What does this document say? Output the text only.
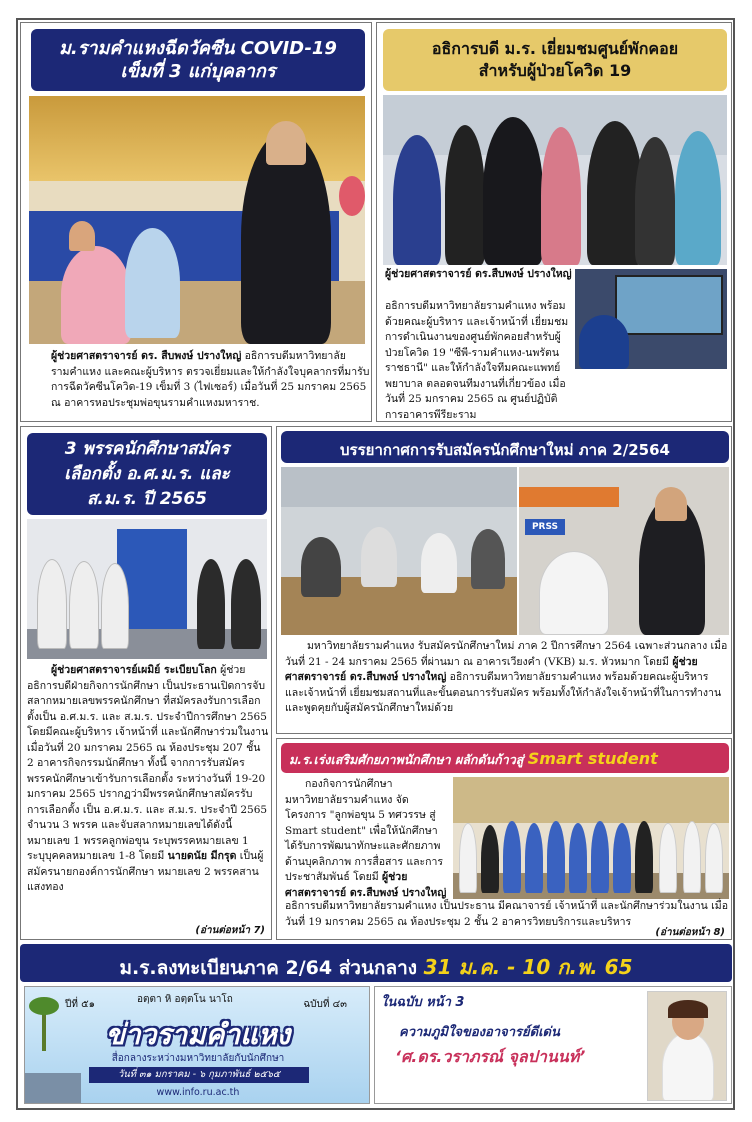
ม.รามคำแหงฉีดวัคซีน COVID-19
เข็มที่ 3 แก่บุคลากร
ผู้ช่วยศาสตราจารย์ ดร. สืบพงษ์ ปรางใหญ่ อธิการบดีมหาวิทยาลัยรามคำแหง และคณะผู้บริหาร ตรวจเยี่ยมและให้กำลังใจบุคลากรที่มารับการฉีดวัคซีนโควิด-19 เข็มที่ 3 (ไฟเซอร์) เมื่อวันที่ 25 มกราคม 2565 ณ อาคารหอประชุมพ่อขุนรามคำแหงมหาราช.
อธิการบดี ม.ร. เยี่ยมชมศูนย์พักคอย
สำหรับผู้ป่วยโควิด 19
ผู้ช่วยศาสตราจารย์ ดร.สืบพงษ์ ปรางใหญ่
อธิการบดีมหาวิทยาลัยรามคำแหง พร้อมด้วยคณะผู้บริหาร และเจ้าหน้าที่ เยี่ยมชมการดำเนินงานของศูนย์พักคอยสำหรับผู้ป่วยโควิด 19 "ซีพี-รามคำแหง-นพรัตนราชธานี" และให้กำลังใจทีมคณะแพทย์ พยาบาล ตลอดจนทีมงานที่เกี่ยวข้อง เมื่อวันที่ 25 มกราคม 2565 ณ ศูนย์ปฏิบัติการอาคารพีรียะราม
3 พรรคนักศึกษาสมัคร
เลือกตั้ง อ.ศ.ม.ร. และ
ส.ม.ร. ปี 2565
ผู้ช่วยศาสตราจารย์เผมิย์ ระเบียบโลก ผู้ช่วยอธิการบดีฝ่ายกิจการนักศึกษา เป็นประธานเปิดการจับสลากหมายเลขพรรคนักศึกษา ที่สมัครลงรับการเลือกตั้งเป็น อ.ศ.ม.ร. และ ส.ม.ร. ประจำปีการศึกษา 2565 โดยมีคณะผู้บริหาร เจ้าหน้าที่ และนักศึกษาร่วมในงาน เมื่อวันที่ 20 มกราคม 2565 ณ ห้องประชุม 207 ชั้น 2 อาคารกิจกรรมนักศึกษา ทั้งนี้ จากการรับสมัครพรรคนักศึกษาเข้ารับการเลือกตั้ง ระหว่างวันที่ 19-20 มกราคม 2565 ปรากฏว่ามีพรรคนักศึกษาสมัครรับการเลือกตั้ง เป็น อ.ศ.ม.ร. และ ส.ม.ร. ประจำปี 2565 จำนวน 3 พรรค และจับสลากหมายเลขได้ดังนี้ หมายเลข 1 พรรคลูกพ่อขุน ระบุพรรคหมายเลข 1 ระบุบุคคลหมายเลข 1-8 โดยมี นายดนัย มีกรุด เป็นผู้สมัครนายกองค์การนักศึกษา หมายเลข 2 พรรคสานแสงทอง
(อ่านต่อหน้า 7)
บรรยากาศการรับสมัครนักศึกษาใหม่ ภาค 2/2564
PRSS
มหาวิทยาลัยรามคำแหง รับสมัครนักศึกษาใหม่ ภาค 2 ปีการศึกษา 2564 เฉพาะส่วนกลาง เมื่อวันที่ 21 - 24 มกราคม 2565 ที่ผ่านมา ณ อาคารเวียงคำ (VKB) ม.ร. หัวหมาก โดยมี ผู้ช่วยศาสตราจารย์ ดร.สืบพงษ์ ปรางใหญ่ อธิการบดีมหาวิทยาลัยรามคำแหง พร้อมด้วยคณะผู้บริหาร และเจ้าหน้าที่ เยี่ยมชมสถานที่และขั้นตอนการรับสมัคร พร้อมทั้งให้กำลังใจเจ้าหน้าที่ในการทำงาน และพูดคุยกับผู้สมัครนักศึกษาใหม่ด้วย
ม.ร.เร่งเสริมศักยภาพนักศึกษา ผลักดันก้าวสู่ Smart student
กองกิจการนักศึกษา มหาวิทยาลัยรามคำแหง จัดโครงการ "ลูกพ่อขุน 5 ทศวรรษ สู่ Smart student" เพื่อให้นักศึกษาได้รับการพัฒนาทักษะและศักยภาพด้านบุคลิกภาพ การสื่อสาร และการประชาสัมพันธ์ โดยมี ผู้ช่วยศาสตราจารย์ ดร.สืบพงษ์ ปรางใหญ่
อธิการบดีมหาวิทยาลัยรามคำแหง เป็นประธาน มีคณาจารย์ เจ้าหน้าที่ และนักศึกษาร่วมในงาน เมื่อวันที่ 19 มกราคม 2565 ณ ห้องประชุม 2 ชั้น 2 อาคารวิทยบริการและบริหาร
(อ่านต่อหน้า 8)
ม.ร.ลงทะเบียนภาค 2/64 ส่วนกลาง 31 ม.ค. - 10 ก.พ. 65
ปีที่ ๕๑	อตฺตา หิ อตฺตโน นาโถ	ฉบับที่ ๔๓
ข่าวรามคำแหง
สื่อกลางระหว่างมหาวิทยาลัยกับนักศึกษา
วันที่ ๓๑ มกราคม - ๖ กุมภาพันธ์ ๒๕๖๕
www.info.ru.ac.th
ในฉบับ หน้า 3
ความภูมิใจของอาจารย์ดีเด่น
‘ศ.ดร.วราภรณ์ จุลปานนท์’
